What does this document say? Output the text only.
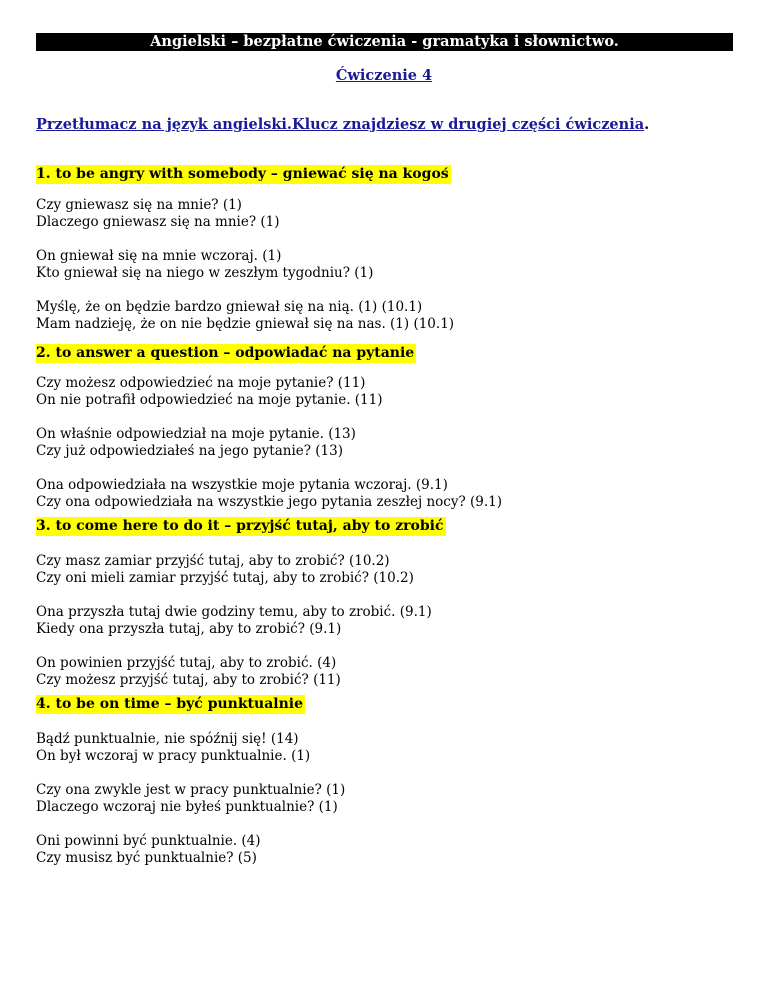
Angielski – bezpłatne ćwiczenia - gramatyka i słownictwo.
Ćwiczenie 4
Przetłumacz na język angielski.Klucz znajdziesz w drugiej części ćwiczenia.
1. to be angry with somebody – gniewać się na kogoś
Czy gniewasz się na mnie? (1)
Dlaczego gniewasz się na mnie? (1)
On gniewał się na mnie wczoraj. (1)
Kto gniewał się na niego w zeszłym tygodniu? (1)
Myślę, że on będzie bardzo gniewał się na nią. (1) (10.1)
Mam nadzieję, że on nie będzie gniewał się na nas. (1) (10.1)
2. to answer a question – odpowiadać na pytanie
Czy możesz odpowiedzieć na moje pytanie? (11)
On nie potrafił odpowiedzieć na moje pytanie. (11)
On właśnie odpowiedział na moje pytanie. (13)
Czy już odpowiedziałeś na jego pytanie? (13)
Ona odpowiedziała na wszystkie moje pytania wczoraj. (9.1)
Czy ona odpowiedziała na wszystkie jego pytania zeszłej nocy? (9.1)
3. to come here to do it – przyjść tutaj, aby to zrobić
Czy masz zamiar przyjść tutaj, aby to zrobić? (10.2)
Czy oni mieli zamiar przyjść tutaj, aby to zrobić? (10.2)
Ona przyszła tutaj dwie godziny temu, aby to zrobić. (9.1)
Kiedy ona przyszła tutaj, aby to zrobić? (9.1)
On powinien przyjść tutaj, aby to zrobić. (4)
Czy możesz przyjść tutaj, aby to zrobić? (11)
4. to be on time – być punktualnie
Bądź punktualnie, nie spóźnij się! (14)
On był wczoraj w pracy punktualnie. (1)
Czy ona zwykle jest w pracy punktualnie? (1)
Dlaczego wczoraj nie byłeś punktualnie? (1)
Oni powinni być punktualnie. (4)
Czy musisz być punktualnie? (5)
